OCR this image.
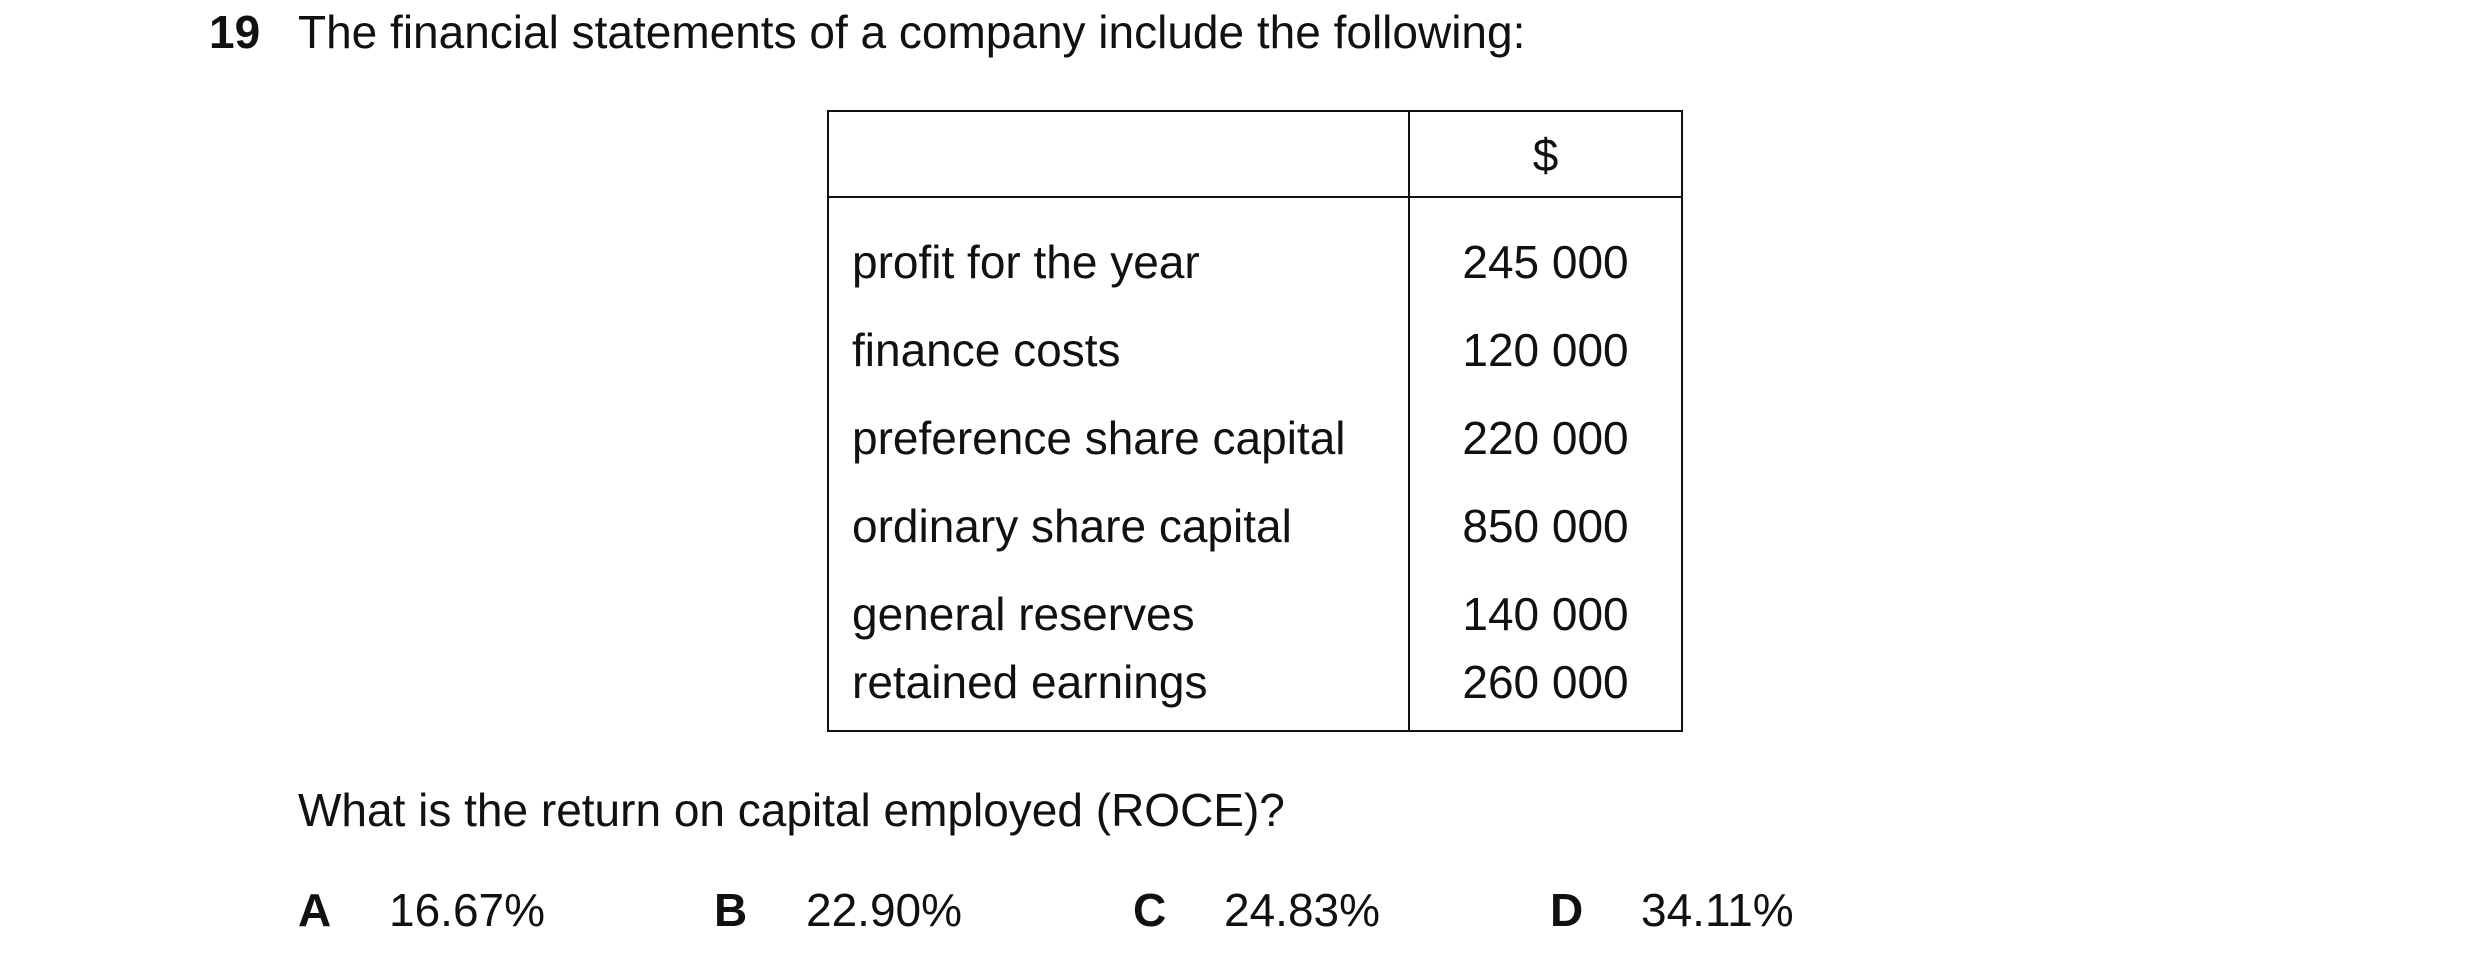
19 The financial statements of a company include the following:
$
profit for the year	245 000
finance costs	120 000
preference share capital	220 000
ordinary share capital	850 000
general reserves	140 000
retained earnings	260 000
What is the return on capital employed (ROCE)?
A 16.67%	B 22.90%	C 24.83%	D 34.11%
